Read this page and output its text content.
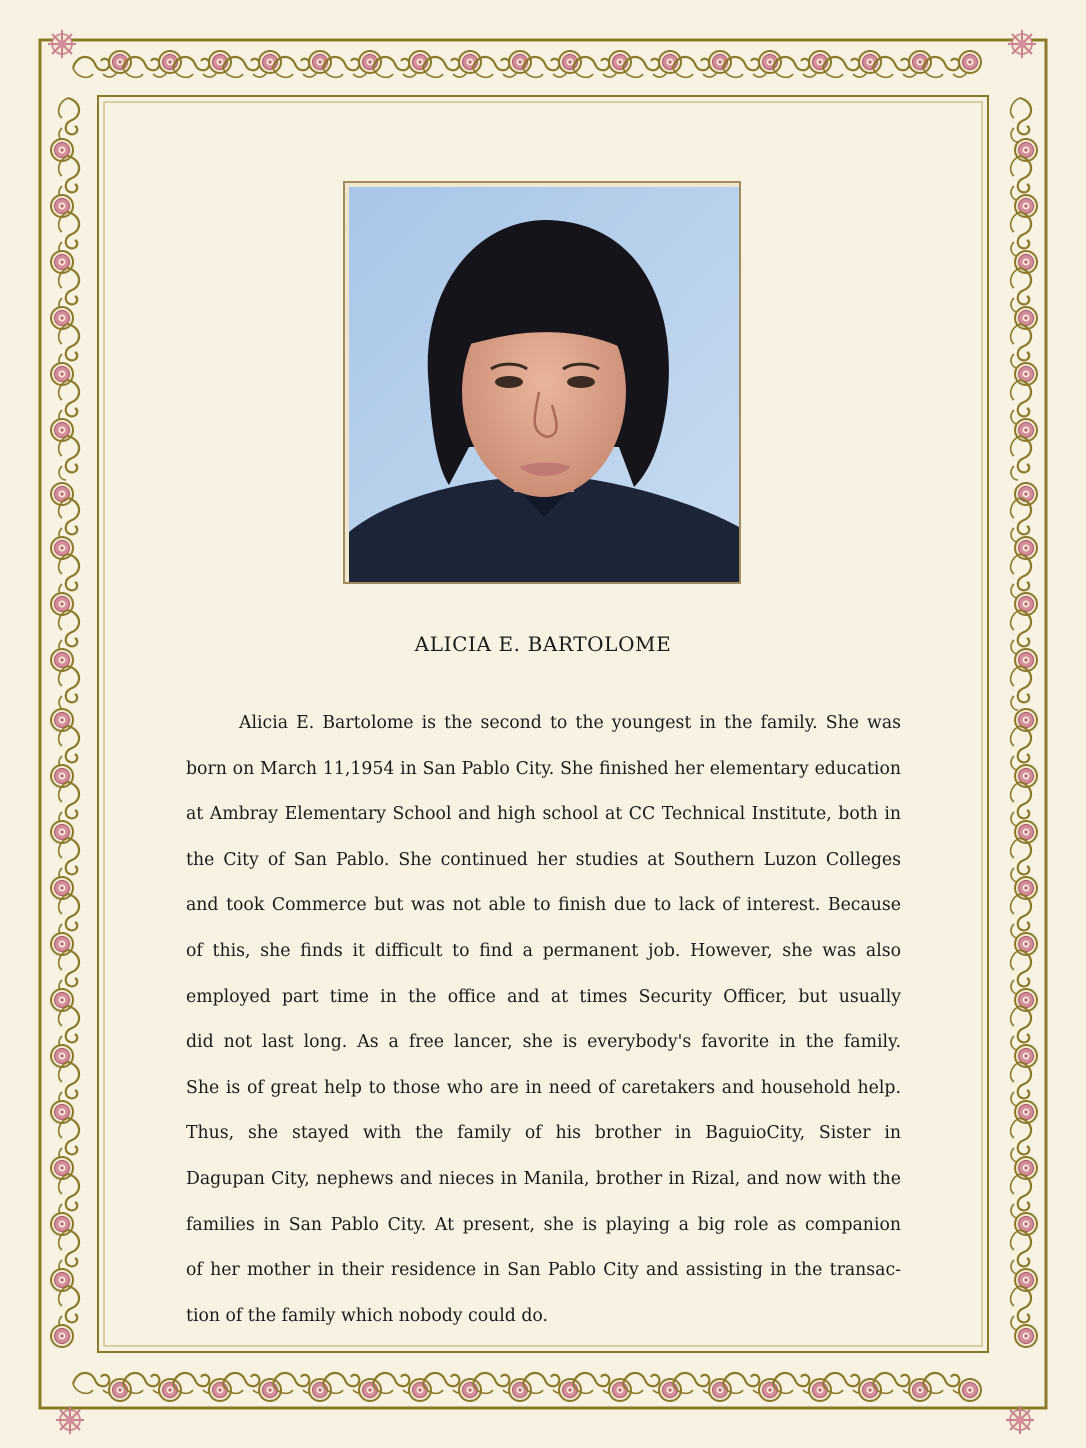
ALICIA E. BARTOLOME
Alicia E. Bartolome is the second to the youngest in the family. She was
born on March 11,1954 in San Pablo City. She finished her elementary education
at Ambray Elementary School and high school at CC Technical Institute, both in
the City of San Pablo. She continued her studies at Southern Luzon Colleges
and took Commerce but was not able to finish due to lack of interest. Because
of this, she finds it difficult to find a permanent job. However, she was also
employed part time in the office and at times Security Officer, but usually
did not last long. As a free lancer, she is everybody's favorite in the family.
She is of great help to those who are in need of caretakers and household help.
Thus, she stayed with the family of his brother in BaguioCity, Sister in
Dagupan City, nephews and nieces in Manila, brother in Rizal, and now with the
families in San Pablo City. At present, she is playing a big role as companion
of her mother in their residence in San Pablo City and assisting in the transac-
tion of the family which nobody could do.
